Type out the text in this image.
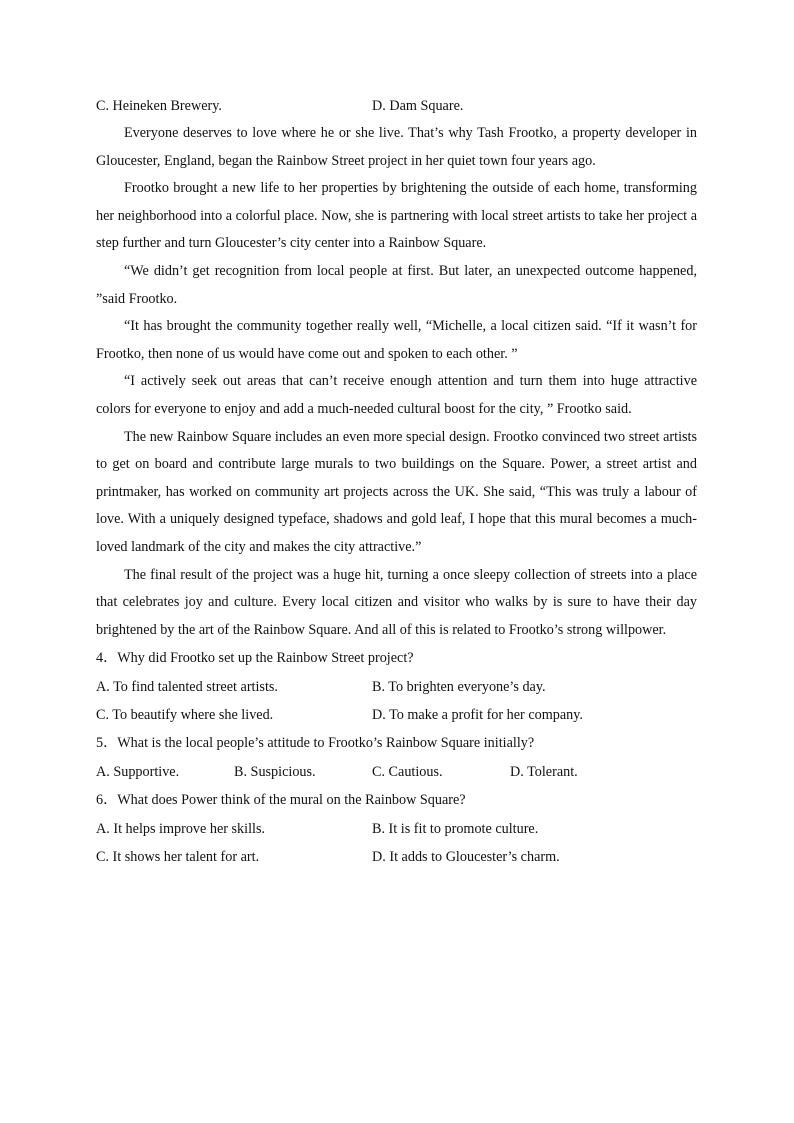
C. Heineken Brewery.	D. Dam Square.

Everyone deserves to love where he or she live. That’s why Tash Frootko, a property developer in Gloucester, England, began the Rainbow Street project in her quiet town four years ago.

Frootko brought a new life to her properties by brightening the outside of each home, transforming her neighborhood into a colorful place. Now, she is partnering with local street artists to take her project a step further and turn Gloucester’s city center into a Rainbow Square.

“We didn’t get recognition from local people at first. But later, an unexpected outcome happened, ”said Frootko.

“It has brought the community together really well, “Michelle, a local citizen said. “If it wasn’t for Frootko, then none of us would have come out and spoken to each other. ”

“I actively seek out areas that can’t receive enough attention and turn them into huge attractive colors for everyone to enjoy and add a much-needed cultural boost for the city, ” Frootko said.

The new Rainbow Square includes an even more special design. Frootko convinced two street artists to get on board and contribute large murals to two buildings on the Square. Power, a street artist and printmaker, has worked on community art projects across the UK. She said, “This was truly a labour of love. With a uniquely designed typeface, shadows and gold leaf, I hope that this mural becomes a much-loved landmark of the city and makes the city attractive.”

The final result of the project was a huge hit, turning a once sleepy collection of streets into a place that celebrates joy and culture. Every local citizen and visitor who walks by is sure to have their day brightened by the art of the Rainbow Square. And all of this is related to Frootko’s strong willpower.

4．Why did Frootko set up the Rainbow Street project?
A. To find talented street artists.	B. To brighten everyone’s day.
C. To beautify where she lived.	D. To make a profit for her company.
5．What is the local people’s attitude to Frootko’s Rainbow Square initially?
A. Supportive.	B. Suspicious.	C. Cautious.	D. Tolerant.
6．What does Power think of the mural on the Rainbow Square?
A. It helps improve her skills.	B. It is fit to promote culture.
C. It shows her talent for art.	D. It adds to Gloucester’s charm.
